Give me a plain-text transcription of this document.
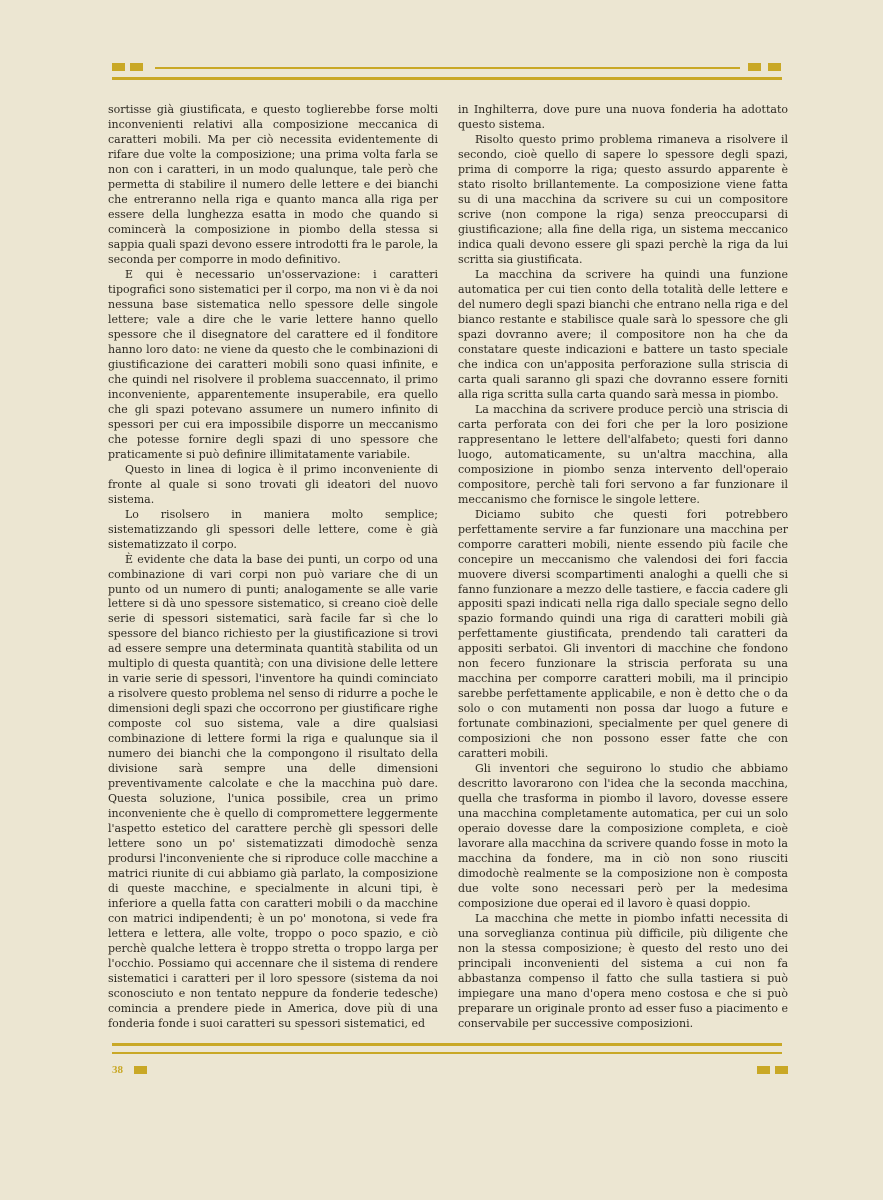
sortisse già giustificata, e questo toglierebbe forse molti inconvenienti relativi alla composizione meccanica di caratteri mobili. Ma per ciò necessita evidentemente di rifare due volte la composizione; una prima volta farla se non con i caratteri, in un modo qualunque, tale però che permetta di stabilire il numero delle lettere e dei bianchi che entreranno nella riga e quanto manca alla riga per essere della lunghezza esatta in modo che quando si comincerà la composizione in piombo della stessa si sappia quali spazi devono essere introdotti fra le parole, la seconda per comporre in modo definitivo.

E qui è necessario un'osservazione: i caratteri tipografici sono sistematici per il corpo, ma non vi è da noi nessuna base sistematica nello spessore delle singole lettere; vale a dire che le varie lettere hanno quello spessore che il disegnatore del carattere ed il fonditore hanno loro dato: ne viene da questo che le combinazioni di giustificazione dei caratteri mobili sono quasi infinite, e che quindi nel risolvere il problema suaccennato, il primo inconveniente, apparentemente insuperabile, era quello che gli spazi potevano assumere un numero infinito di spessori per cui era impossibile disporre un meccanismo che potesse fornire degli spazi di uno spessore che praticamente si può definire illimitatamente variabile.

Questo in linea di logica è il primo inconveniente di fronte al quale si sono trovati gli ideatori del nuovo sistema.

Lo risolsero in maniera molto semplice; sistematizzando gli spessori delle lettere, come è già sistematizzato il corpo.

È evidente che data la base dei punti, un corpo od una combinazione di vari corpi non può variare che di un punto od un numero di punti; analogamente se alle varie lettere si dà uno spessore sistematico, si creano cioè delle serie di spessori sistematici, sarà facile far sì che lo spessore del bianco richiesto per la giustificazione si trovi ad essere sempre una determinata quantità stabilita od un multiplo di questa quantità; con una divisione delle lettere in varie serie di spessori, l'inventore ha quindi cominciato a risolvere questo problema nel senso di ridurre a poche le dimensioni degli spazi che occorrono per giustificare righe composte col suo sistema, vale a dire qualsiasi combinazione di lettere formi la riga e qualunque sia il numero dei bianchi che la compongono il risultato della divisione sarà sempre una delle dimensioni preventivamente calcolate e che la macchina può dare. Questa soluzione, l'unica possibile, crea un primo inconveniente che è quello di compromettere leggermente l'aspetto estetico del carattere perchè gli spessori delle lettere sono un po' sistematizzati dimodochè senza prodursi l'inconveniente che si riproduce colle macchine a matrici riunite di cui abbiamo già parlato, la composizione di queste macchine, e specialmente in alcuni tipi, è inferiore a quella fatta con caratteri mobili o da macchine con matrici indipendenti; è un po' monotona, si vede fra lettera e lettera, alle volte, troppo o poco spazio, e ciò perchè qualche lettera è troppo stretta o troppo larga per l'occhio. Possiamo qui accennare che il sistema di rendere sistematici i caratteri per il loro spessore (sistema da noi sconosciuto e non tentato neppure da fonderie tedesche) comincia a prendere piede in America, dove più di una fonderia fonde i suoi caratteri su spessori sistematici, ed

in Inghilterra, dove pure una nuova fonderia ha adottato questo sistema.

Risolto questo primo problema rimaneva a risolvere il secondo, cioè quello di sapere lo spessore degli spazi, prima di comporre la riga; questo assurdo apparente è stato risolto brillantemente. La composizione viene fatta su di una macchina da scrivere su cui un compositore scrive (non compone la riga) senza preoccuparsi di giustificazione; alla fine della riga, un sistema meccanico indica quali devono essere gli spazi perchè la riga da lui scritta sia giustificata.

La macchina da scrivere ha quindi una funzione automatica per cui tien conto della totalità delle lettere e del numero degli spazi bianchi che entrano nella riga e del bianco restante e stabilisce quale sarà lo spessore che gli spazi dovranno avere; il compositore non ha che da constatare queste indicazioni e battere un tasto speciale che indica con un'apposita perforazione sulla striscia di carta quali saranno gli spazi che dovranno essere forniti alla riga scritta sulla carta quando sarà messa in piombo.

La macchina da scrivere produce perciò una striscia di carta perforata con dei fori che per la loro posizione rappresentano le lettere dell'alfabeto; questi fori danno luogo, automaticamente, su un'altra macchina, alla composizione in piombo senza intervento dell'operaio compositore, perchè tali fori servono a far funzionare il meccanismo che fornisce le singole lettere.

Diciamo subito che questi fori potrebbero perfettamente servire a far funzionare una macchina per comporre caratteri mobili, niente essendo più facile che concepire un meccanismo che valendosi dei fori faccia muovere diversi scompartimenti analoghi a quelli che si fanno funzionare a mezzo delle tastiere, e faccia cadere gli appositi spazi indicati nella riga dallo speciale segno dello spazio formando quindi una riga di caratteri mobili già perfettamente giustificata, prendendo tali caratteri da appositi serbatoi. Gli inventori di macchine che fondono non fecero funzionare la striscia perforata su una macchina per comporre caratteri mobili, ma il principio sarebbe perfettamente applicabile, e non è detto che o da solo o con mutamenti non possa dar luogo a future e fortunate combinazioni, specialmente per quel genere di composizioni che non possono esser fatte che con caratteri mobili.

Gli inventori che seguirono lo studio che abbiamo descritto lavorarono con l'idea che la seconda macchina, quella che trasforma in piombo il lavoro, dovesse essere una macchina completamente automatica, per cui un solo operaio dovesse dare la composizione completa, e cioè lavorare alla macchina da scrivere quando fosse in moto la macchina da fondere, ma in ciò non sono riusciti dimodochè realmente se la composizione non è composta due volte sono necessari però per la medesima composizione due operai ed il lavoro è quasi doppio.

La macchina che mette in piombo infatti necessita di una sorveglianza continua più difficile, più diligente che non la stessa composizione; è questo del resto uno dei principali inconvenienti del sistema a cui non fa abbastanza compenso il fatto che sulla tastiera si può impiegare una mano d'opera meno costosa e che si può preparare un originale pronto ad esser fuso a piacimento e conservabile per successive composizioni.

38
